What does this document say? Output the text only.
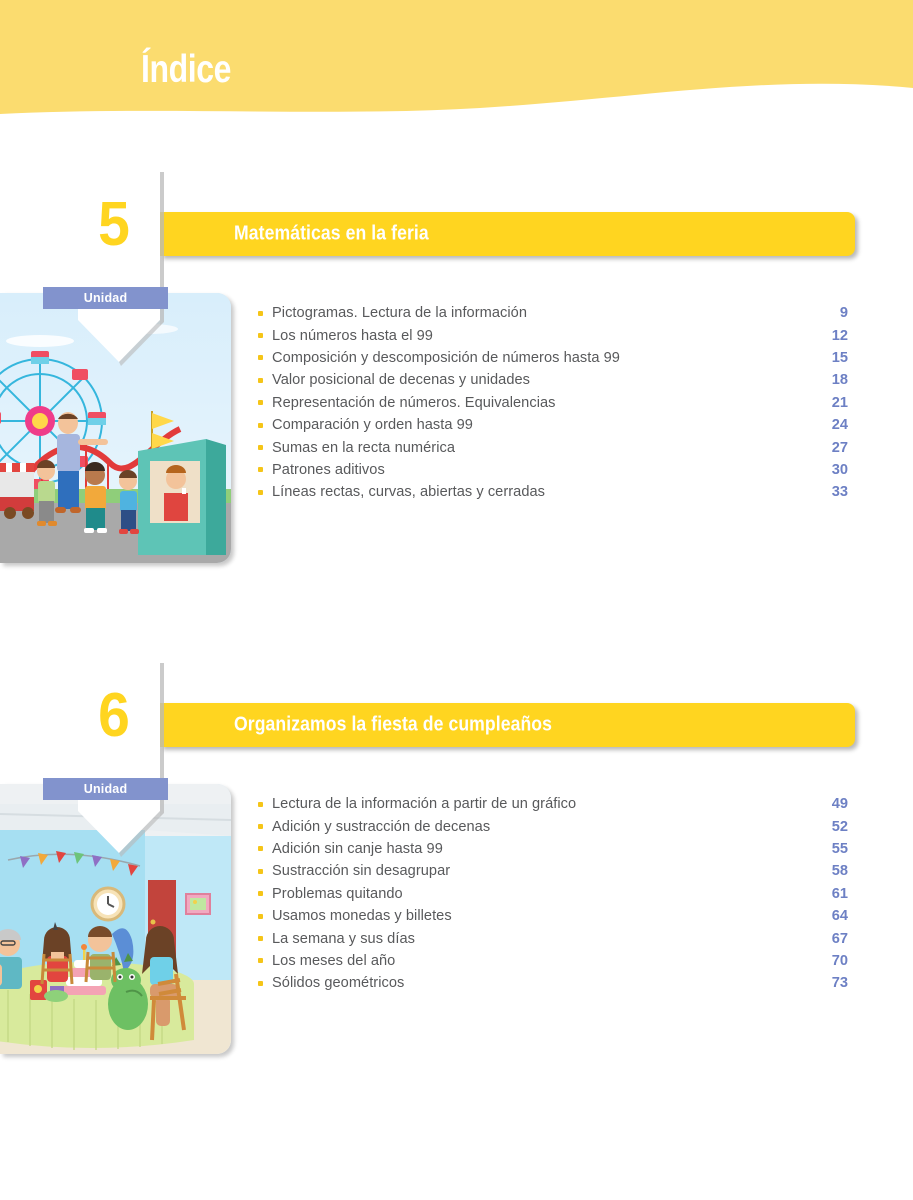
Índice
5
Unidad
Matemáticas en la feria
Pictogramas. Lectura de la información	9
Los números hasta el 99	12
Composición y descomposición de números hasta 99	15
Valor posicional de decenas y unidades	18
Representación de números. Equivalencias	21
Comparación y orden hasta 99	24
Sumas en la recta numérica	27
Patrones aditivos	30
Líneas rectas, curvas, abiertas y cerradas	33
6
Unidad
Organizamos la fiesta de cumpleaños
Lectura de la información a partir de un gráfico	49
Adición y sustracción de decenas	52
Adición sin canje hasta 99	55
Sustracción sin desagrupar	58
Problemas quitando	61
Usamos monedas y billetes	64
La semana y sus días	67
Los meses del año	70
Sólidos geométricos	73
